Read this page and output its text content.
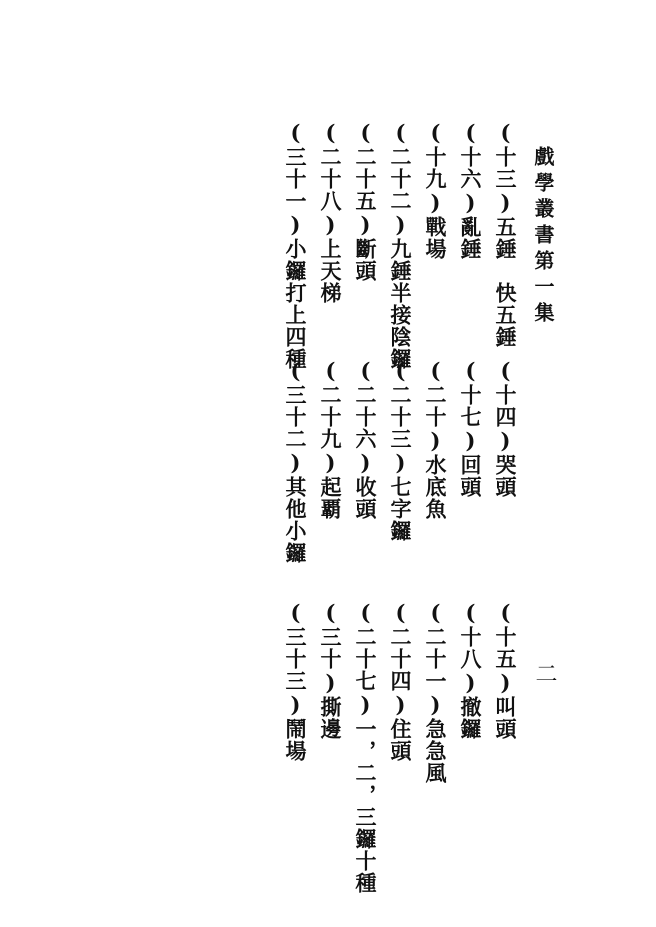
戲學叢書第一集
二
(十三)五錘　快五錘
(十六)亂錘
(十九)戰場
(二十二)九錘半接陰鑼
(二十五)斷頭
(二十八)上天梯
(三十一)小鑼打上四種
(十四)哭頭
(十七)回頭
(二十)水底魚
(二十三)七字鑼
(二十六)收頭
(二十九)起覇
(三十二)其他小鑼
(十五)叫頭
(十八)撤鑼
(二十一)急急風
(二十四)住頭
(二十七)一，二，三鑼十種
(三十)撕邊
(三十三)鬧場
